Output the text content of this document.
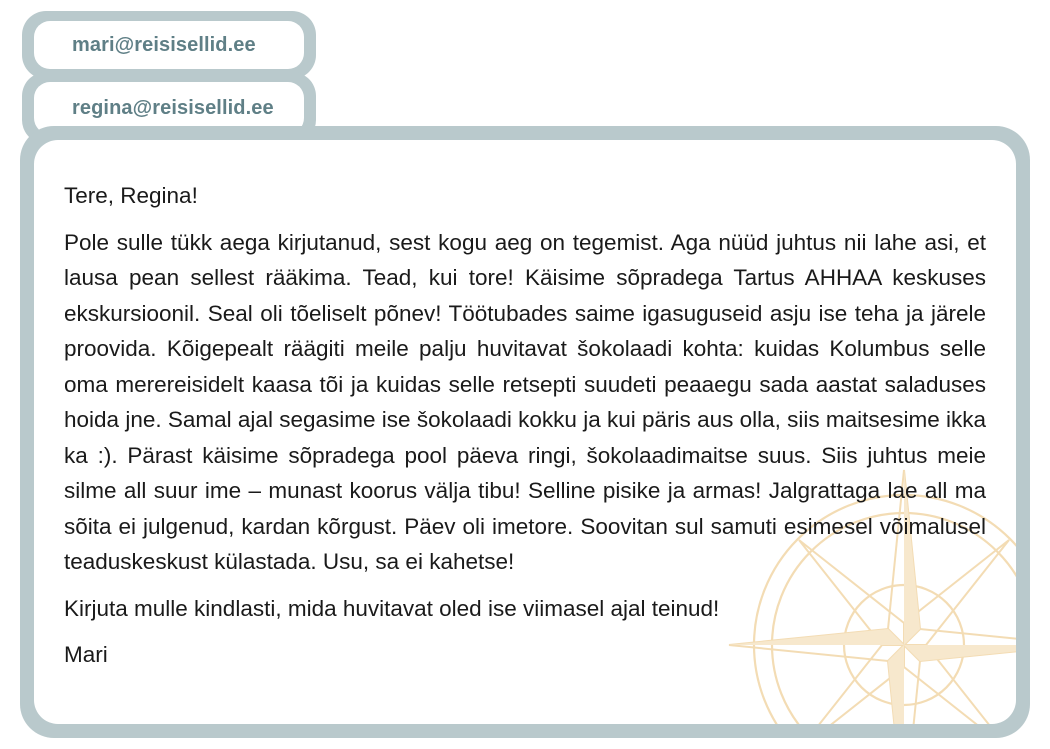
mari@reisisellid.ee
regina@reisisellid.ee

Tere, Regina!

Pole sulle tükk aega kirjutanud, sest kogu aeg on tegemist. Aga nüüd juhtus nii lahe asi, et lausa pean sellest rääkima. Tead, kui tore! Käisime sõpradega Tartus AHHAA keskuses ekskursioonil. Seal oli tõeliselt põnev! Töötubades saime igasuguseid asju ise teha ja järele proovida. Kõigepealt räägiti meile palju huvitavat šokolaadi kohta: kuidas Kolumbus selle oma merereisidelt kaasa tõi ja kuidas selle retsepti suudeti peaaegu sada aastat saladuses hoida jne. Samal ajal segasime ise šokolaadi kokku ja kui päris aus olla, siis maitsesime ikka ka :). Pärast käisime sõpradega pool päeva ringi, šokolaadimaitse suus. Siis juhtus meie silme all suur ime – munast koorus välja tibu! Selline pisike ja armas! Jalgrattaga lae all ma sõita ei julgenud, kardan kõrgust. Päev oli imetore. Soovitan sul samuti esimesel võimalusel teaduskeskust külastada. Usu, sa ei kahetse!

Kirjuta mulle kindlasti, mida huvitavat oled ise viimasel ajal teinud!

Mari
